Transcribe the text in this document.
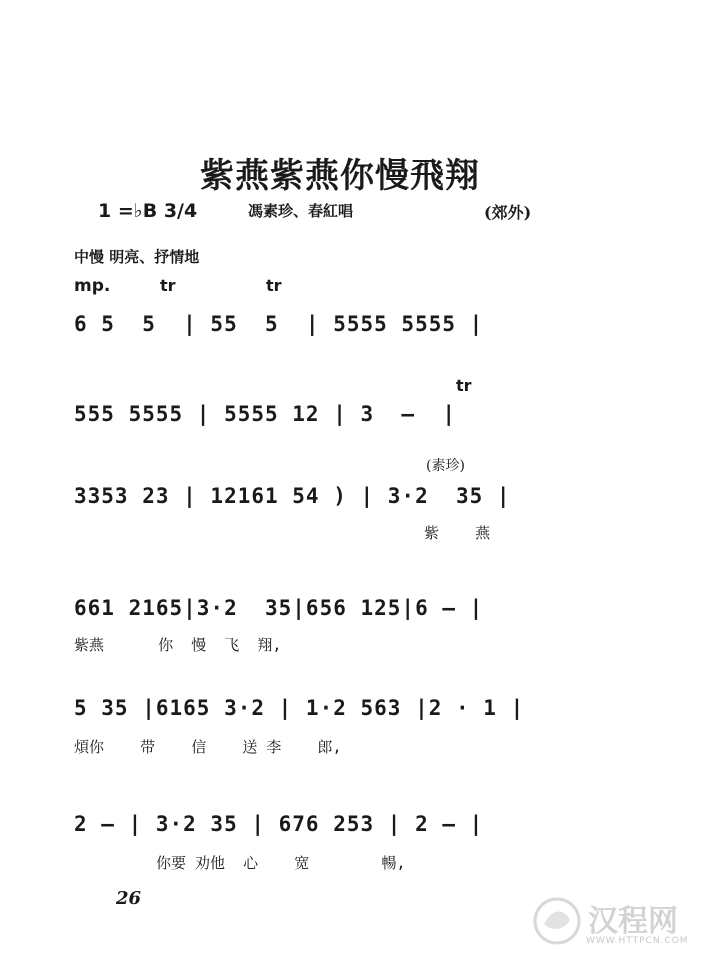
紫燕紫燕你慢飛翔
1 =♭B 3/4	馮素珍、春紅唱	(郊外)
中慢 明亮、抒情地
mp.	tr	tr
tr
(素珍)
6 5  5  | 55  5  | 5555 5555 |
555 5555 | 5555 12 | 3  —  |
3353 23 | 12161 54 ) | 3·2  35 |
紫    燕
661 2165|3·2  35|656 125|6 — |
紫燕      你  慢  飞  翔,
5 35 |6165 3·2 | 1·2 563 |2 · 1 |
煩你    带    信    送 李    郎,
2 — | 3·2 35 | 676 253 | 2 — |
你要 劝他  心    宽        暢,
26
汉程网
WWW.HTTPCN.COM
